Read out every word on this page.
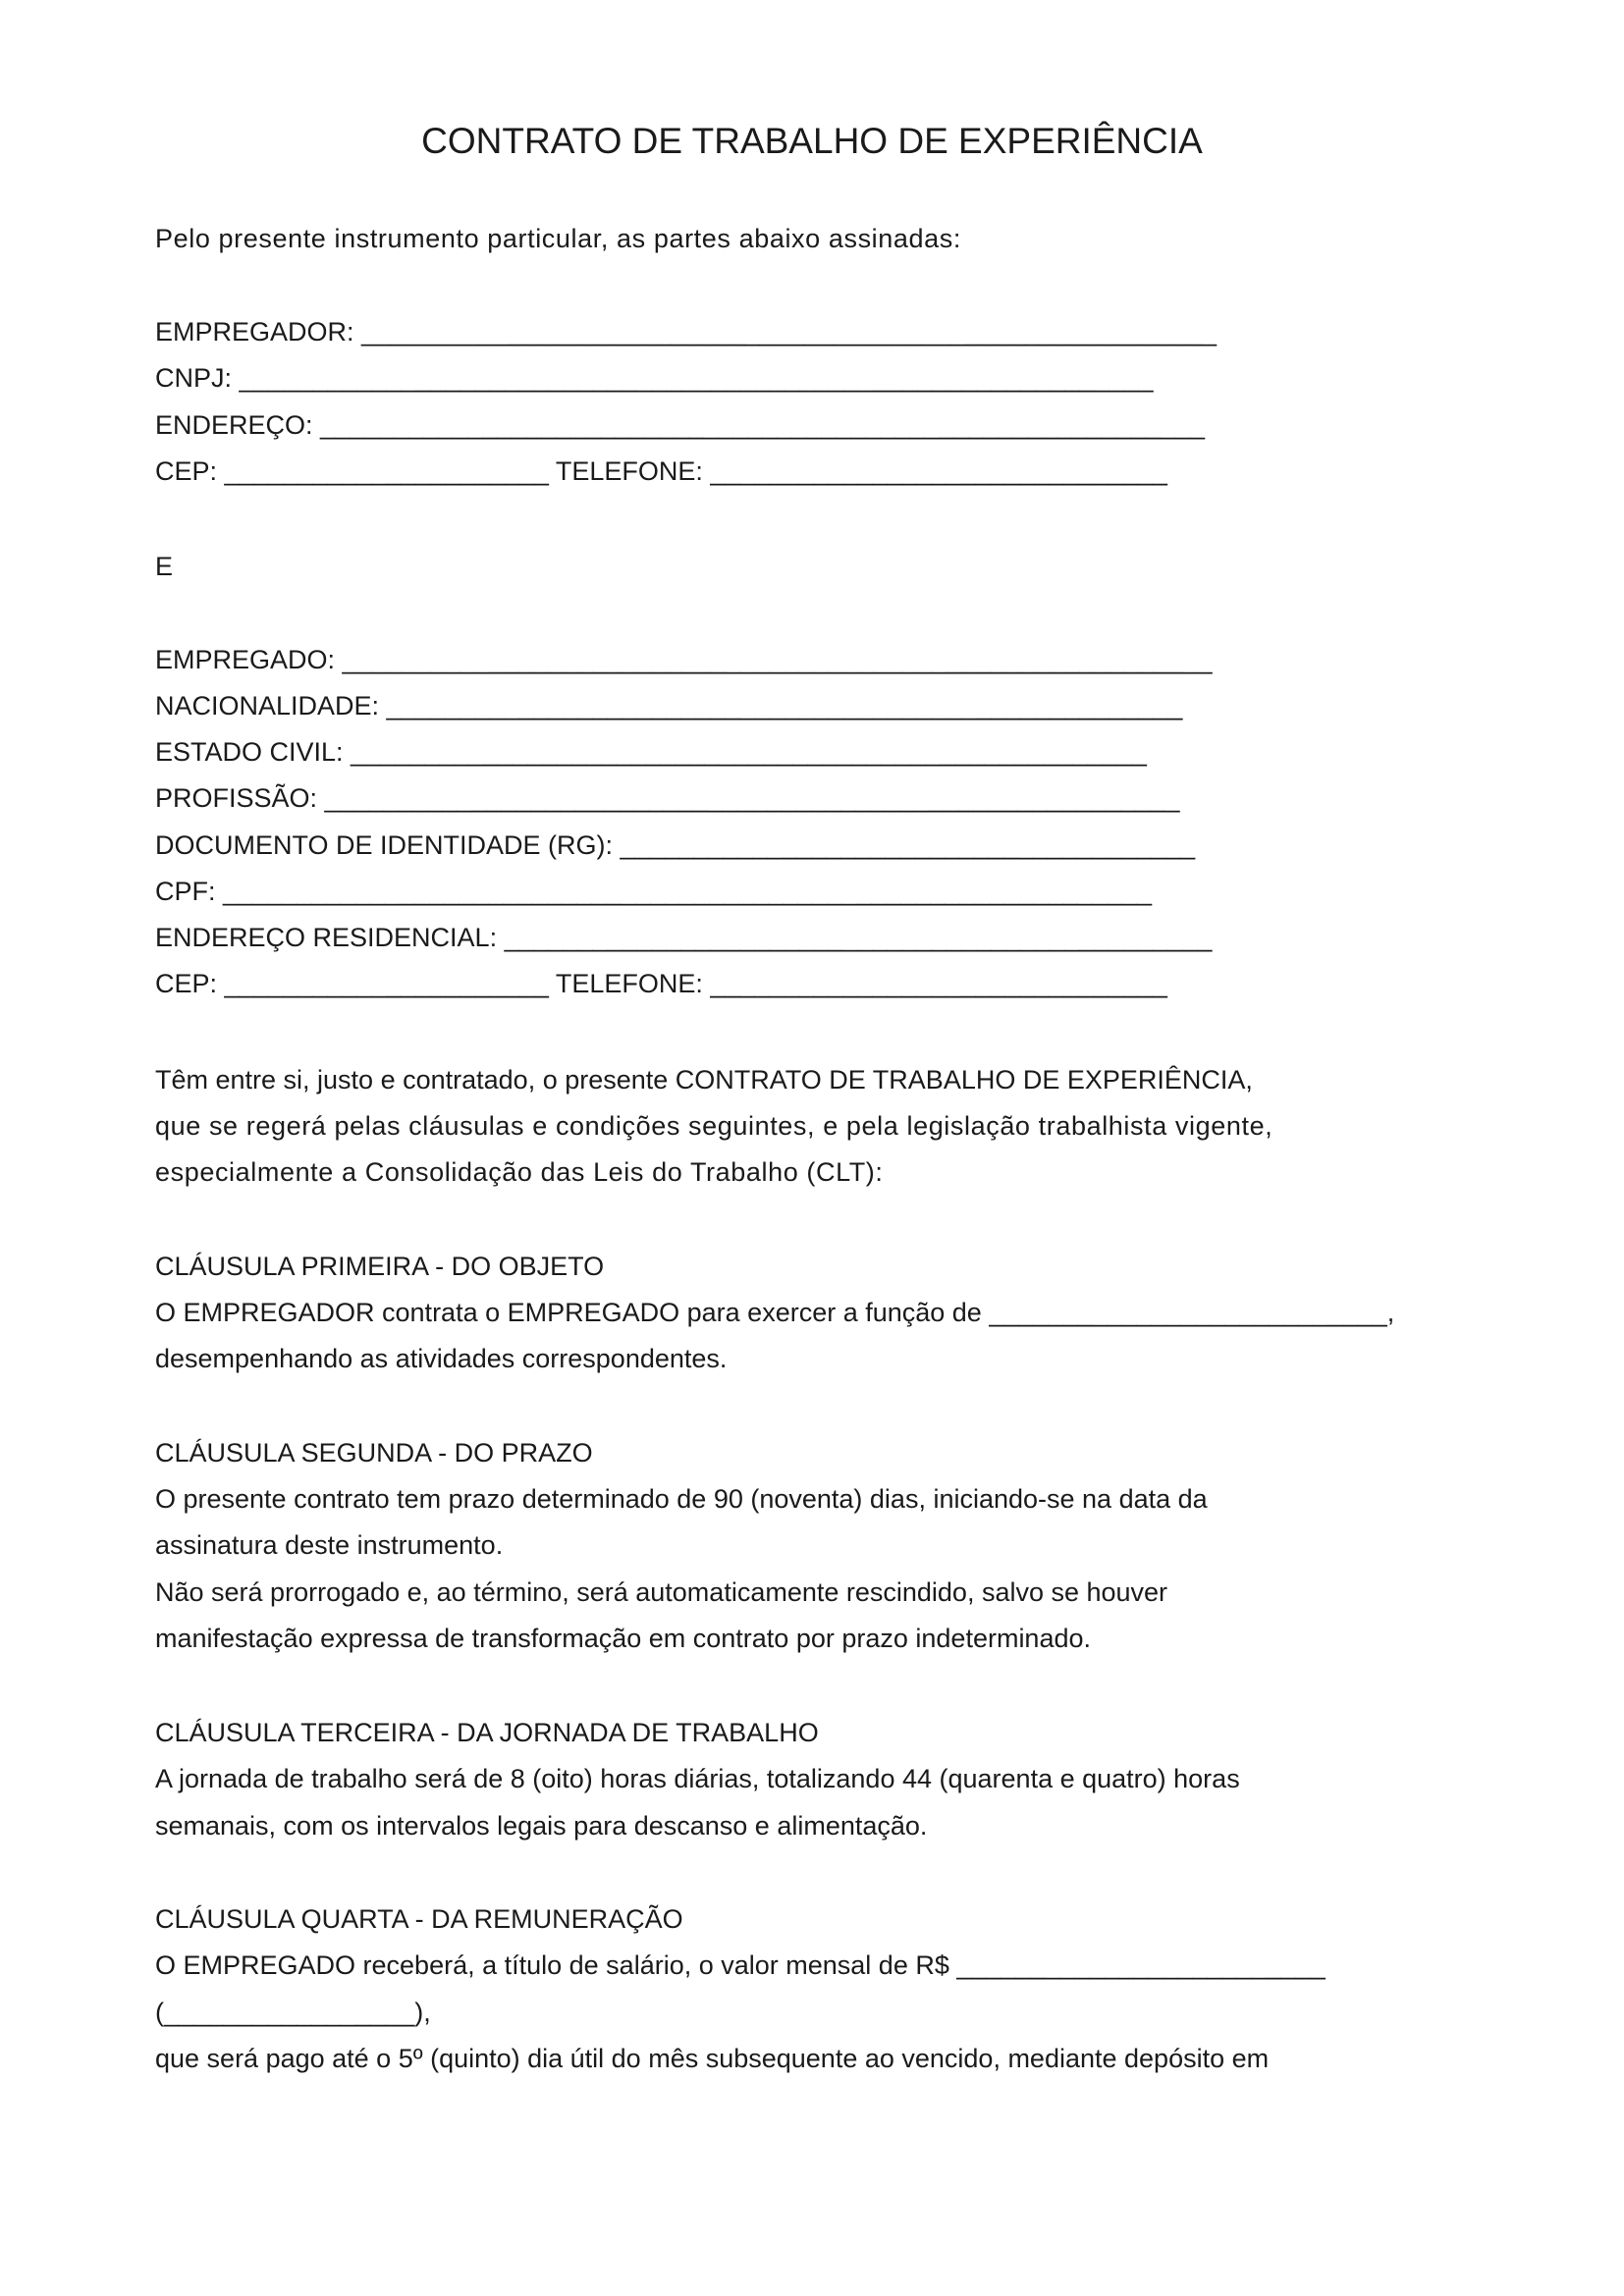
CONTRATO DE TRABALHO DE EXPERIÊNCIA

Pelo presente instrumento particular, as partes abaixo assinadas:

EMPREGADOR: __________________________________________________________

CNPJ: ______________________________________________________________

ENDEREÇO: ____________________________________________________________

CEP: ______________________ TELEFONE: _______________________________

E

EMPREGADO: ___________________________________________________________

NACIONALIDADE: ______________________________________________________

ESTADO CIVIL: ______________________________________________________

PROFISSÃO: __________________________________________________________

DOCUMENTO DE IDENTIDADE (RG): _______________________________________

CPF: _______________________________________________________________

ENDEREÇO RESIDENCIAL: ________________________________________________

CEP: ______________________ TELEFONE: _______________________________

Têm entre si, justo e contratado, o presente CONTRATO DE TRABALHO DE EXPERIÊNCIA,

que se regerá pelas cláusulas e condições seguintes, e pela legislação trabalhista vigente,

especialmente a Consolidação das Leis do Trabalho (CLT):

CLÁUSULA PRIMEIRA - DO OBJETO

O EMPREGADOR contrata o EMPREGADO para exercer a função de ___________________________,

desempenhando as atividades correspondentes.

CLÁUSULA SEGUNDA - DO PRAZO

O presente contrato tem prazo determinado de 90 (noventa) dias, iniciando-se na data da

assinatura deste instrumento.

Não será prorrogado e, ao término, será automaticamente rescindido, salvo se houver

manifestação expressa de transformação em contrato por prazo indeterminado.

CLÁUSULA TERCEIRA - DA JORNADA DE TRABALHO

A jornada de trabalho será de 8 (oito) horas diárias, totalizando 44 (quarenta e quatro) horas

semanais, com os intervalos legais para descanso e alimentação.

CLÁUSULA QUARTA - DA REMUNERAÇÃO

O EMPREGADO receberá, a título de salário, o valor mensal de R$ _________________________

(_________________),

que será pago até o 5º (quinto) dia útil do mês subsequente ao vencido, mediante depósito em
